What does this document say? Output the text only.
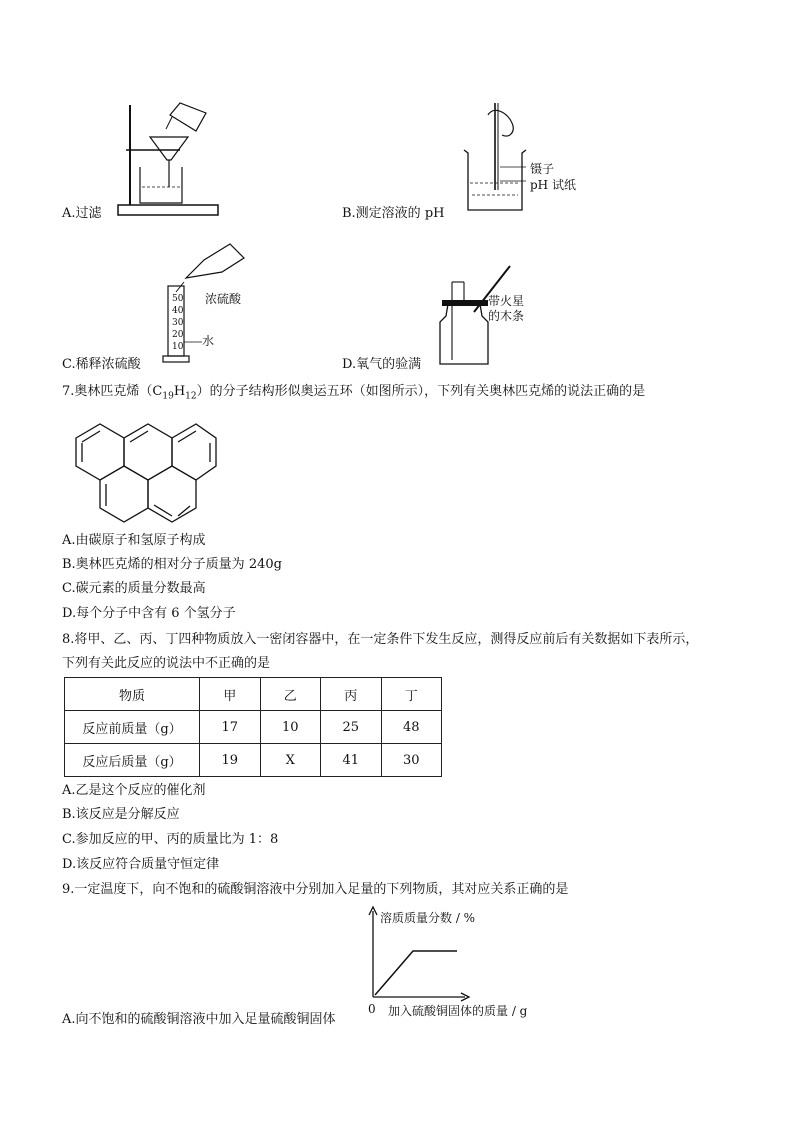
A.过滤
镊子
pH 试纸
B.测定溶液的 pH
50
40
30
20
10
浓硫酸
水
C.稀释浓硫酸
带火星
的木条
D.氧气的验满
7.奥林匹克烯$(C_{19}H_{12})$的分子结构形似奥运五环（如图所示），下列有关奥林匹克烯的说法正确的是
A.由碳原子和氢原子构成
B.奥林匹克烯的相对分子质量为 240g
C.碳元素的质量分数最高
D.每个分子中含有 6 个氢分子
8.将甲、乙、丙、丁四种物质放入一密闭容器中，在一定条件下发生反应，测得反应前后有关数据如下表所示，
下列有关此反应的说法中不正确的是
物质	甲	乙	丙	丁
反应前质量（g）	17	10	25	48
反应后质量（g）	19	X	41	30
A.乙是这个反应的催化剂
B.该反应是分解反应
C.参加反应的甲、丙的质量比为 1：8
D.该反应符合质量守恒定律
9.一定温度下，向不饱和的硫酸铜溶液中分别加入足量的下列物质，其对应关系正确的是
溶质质量分数 / %
加入硫酸铜固体的质量 / g
0
A.向不饱和的硫酸铜溶液中加入足量硫酸铜固体
